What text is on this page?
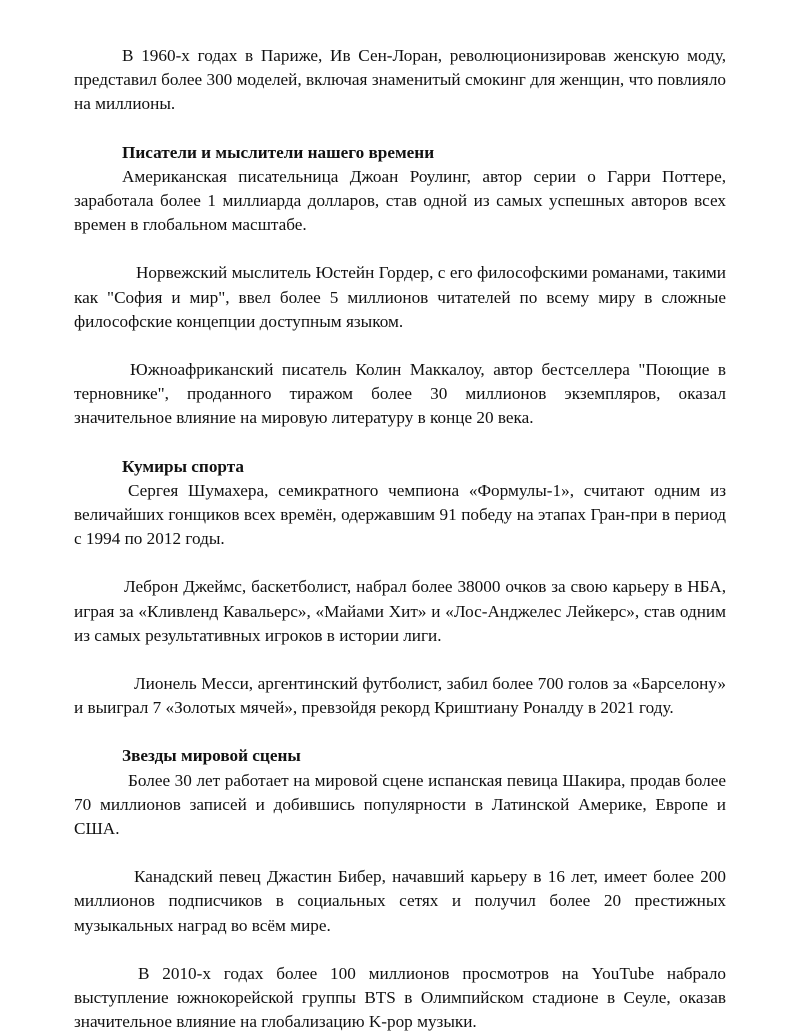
В 1960-х годах в Париже, Ив Сен-Лоран, революционизировав женскую моду, представил более 300 моделей, включая знаменитый смокинг для женщин, что повлияло на миллионы.

Писатели и мыслители нашего времени

Американская писательница Джоан Роулинг, автор серии о Гарри Поттере, заработала более 1 миллиарда долларов, став одной из самых успешных авторов всех времен в глобальном масштабе.

Норвежский мыслитель Юстейн Гордер, с его философскими романами, такими как "София и мир", ввел более 5 миллионов читателей по всему миру в сложные философские концепции доступным языком.

Южноафриканский писатель Колин Маккалоу, автор бестселлера "Поющие в терновнике", проданного тиражом более 30 миллионов экземпляров, оказал значительное влияние на мировую литературу в конце 20 века.

Кумиры спорта

Сергея Шумахера, семикратного чемпиона «Формулы-1», считают одним из величайших гонщиков всех времён, одержавшим 91 победу на этапах Гран-при в период с 1994 по 2012 годы.

Леброн Джеймс, баскетболист, набрал более 38000 очков за свою карьеру в НБА, играя за «Кливленд Кавальерс», «Майами Хит» и «Лос-Анджелес Лейкерс», став одним из самых результативных игроков в истории лиги.

Лионель Месси, аргентинский футболист, забил более 700 голов за «Барселону» и выиграл 7 «Золотых мячей», превзойдя рекорд Криштиану Роналду в 2021 году.

Звезды мировой сцены

Более 30 лет работает на мировой сцене испанская певица Шакира, продав более 70 миллионов записей и добившись популярности в Латинской Америке, Европе и США.

Канадский певец Джастин Бибер, начавший карьеру в 16 лет, имеет более 200 миллионов подписчиков в социальных сетях и получил более 20 престижных музыкальных наград во всём мире.

В 2010-х годах более 100 миллионов просмотров на YouTube набрало выступление южнокорейской группы BTS в Олимпийском стадионе в Сеуле, оказав значительное влияние на глобализацию K-pop музыки.
